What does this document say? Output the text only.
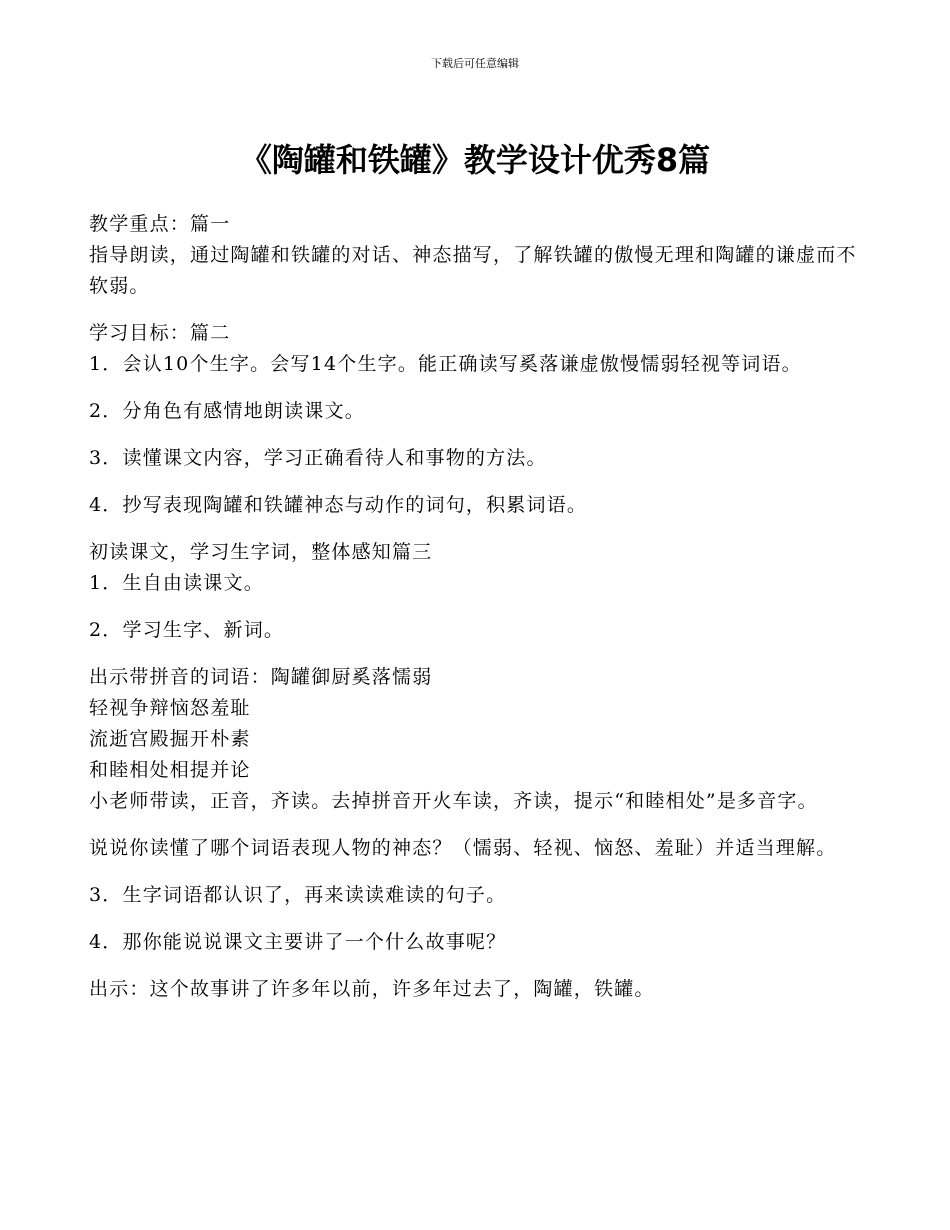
下载后可任意编辑
《陶罐和铁罐》教学设计优秀8篇
教学重点：篇一
指导朗读，通过陶罐和铁罐的对话、神态描写，了解铁罐的傲慢无理和陶罐的谦虚而不软弱。
学习目标：篇二
1．会认10个生字。会写14个生字。能正确读写奚落谦虚傲慢懦弱轻视等词语。
2．分角色有感情地朗读课文。
3．读懂课文内容，学习正确看待人和事物的方法。
4．抄写表现陶罐和铁罐神态与动作的词句，积累词语。
初读课文，学习生字词，整体感知篇三
1．生自由读课文。
2．学习生字、新词。
出示带拼音的词语：陶罐御厨奚落懦弱
轻视争辩恼怒羞耻
流逝宫殿掘开朴素
和睦相处相提并论
小老师带读，正音，齐读。去掉拼音开火车读，齐读，提示“和睦相处”是多音字。
说说你读懂了哪个词语表现人物的神态？（懦弱、轻视、恼怒、羞耻）并适当理解。
3．生字词语都认识了，再来读读难读的句子。
4．那你能说说课文主要讲了一个什么故事呢？
出示：这个故事讲了许多年以前，许多年过去了，陶罐，铁罐。
